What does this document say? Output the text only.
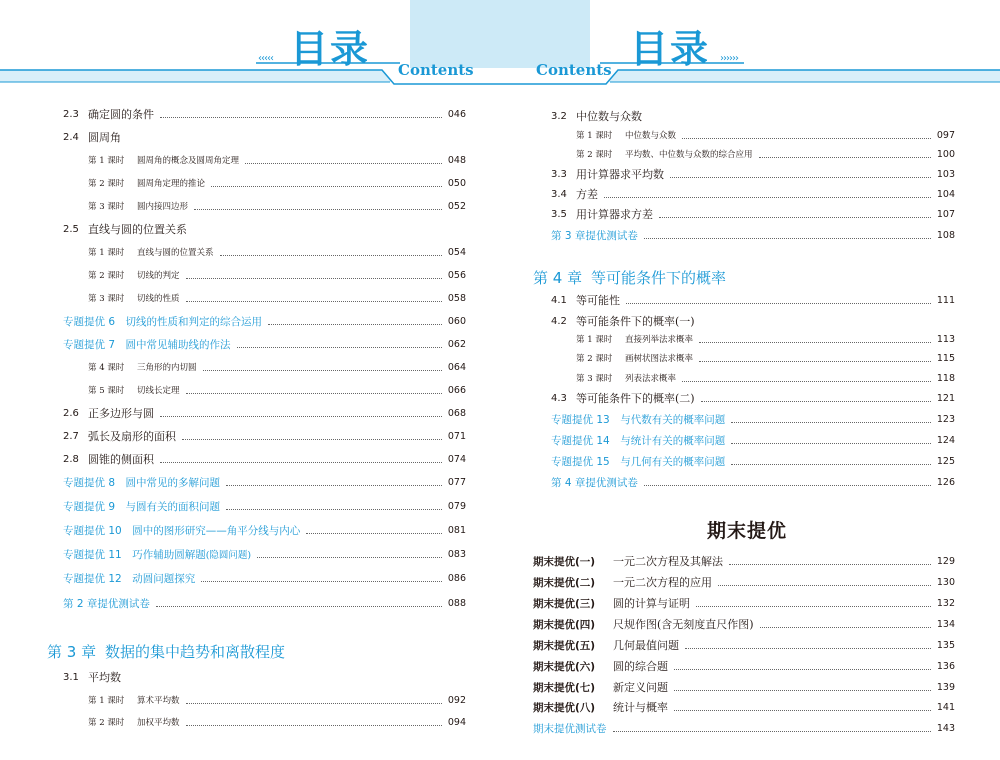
‹‹‹‹‹ 目录 Contents	Contents 目录 ››››››
2.3 确定圆的条件	046
2.4 圆周角
第 1 课时	圆周角的概念及圆周角定理	048
第 2 课时	圆周角定理的推论	050
第 3 课时	圆内接四边形	052
2.5 直线与圆的位置关系
第 1 课时	直线与圆的位置关系	054
第 2 课时	切线的判定	056
第 3 课时	切线的性质	058
专题提优 6　切线的性质和判定的综合运用	060
专题提优 7　圆中常见辅助线的作法	062
第 4 课时	三角形的内切圆	064
第 5 课时	切线长定理	066
2.6 正多边形与圆	068
2.7 弧长及扇形的面积	071
2.8 圆锥的侧面积	074
专题提优 8　圆中常见的多解问题	077
专题提优 9　与圆有关的面积问题	079
专题提优 10　圆中的图形研究——角平分线与内心	081
专题提优 11　巧作辅助圆解题 (隐圆问题)	083
专题提优 12　动圆问题探究	086
第 2 章提优测试卷	088
第 3 章 数据的集中趋势和离散程度
3.1 平均数
第 1 课时	算术平均数	092
第 2 课时	加权平均数	094
3.2 中位数与众数
第 1 课时	中位数与众数	097
第 2 课时	平均数、中位数与众数的综合应用	100
3.3 用计算器求平均数	103
3.4 方差	104
3.5 用计算器求方差	107
第 3 章提优测试卷	108
第 4 章 等可能条件下的概率
4.1 等可能性	111
4.2 等可能条件下的概率(一)
第 1 课时	直接列举法求概率	113
第 2 课时	画树状图法求概率	115
第 3 课时	列表法求概率	118
4.3 等可能条件下的概率(二)	121
专题提优 13　与代数有关的概率问题	123
专题提优 14　与统计有关的概率问题	124
专题提优 15　与几何有关的概率问题	125
第 4 章提优测试卷	126
期末提优
期末提优(一)	一元二次方程及其解法	129
期末提优(二)	一元二次方程的应用	130
期末提优(三)	圆的计算与证明	132
期末提优(四)	尺规作图(含无刻度直尺作图)	134
期末提优(五)	几何最值问题	135
期末提优(六)	圆的综合题	136
期末提优(七)	新定义问题	139
期末提优(八)	统计与概率	141
期末提优测试卷	143
